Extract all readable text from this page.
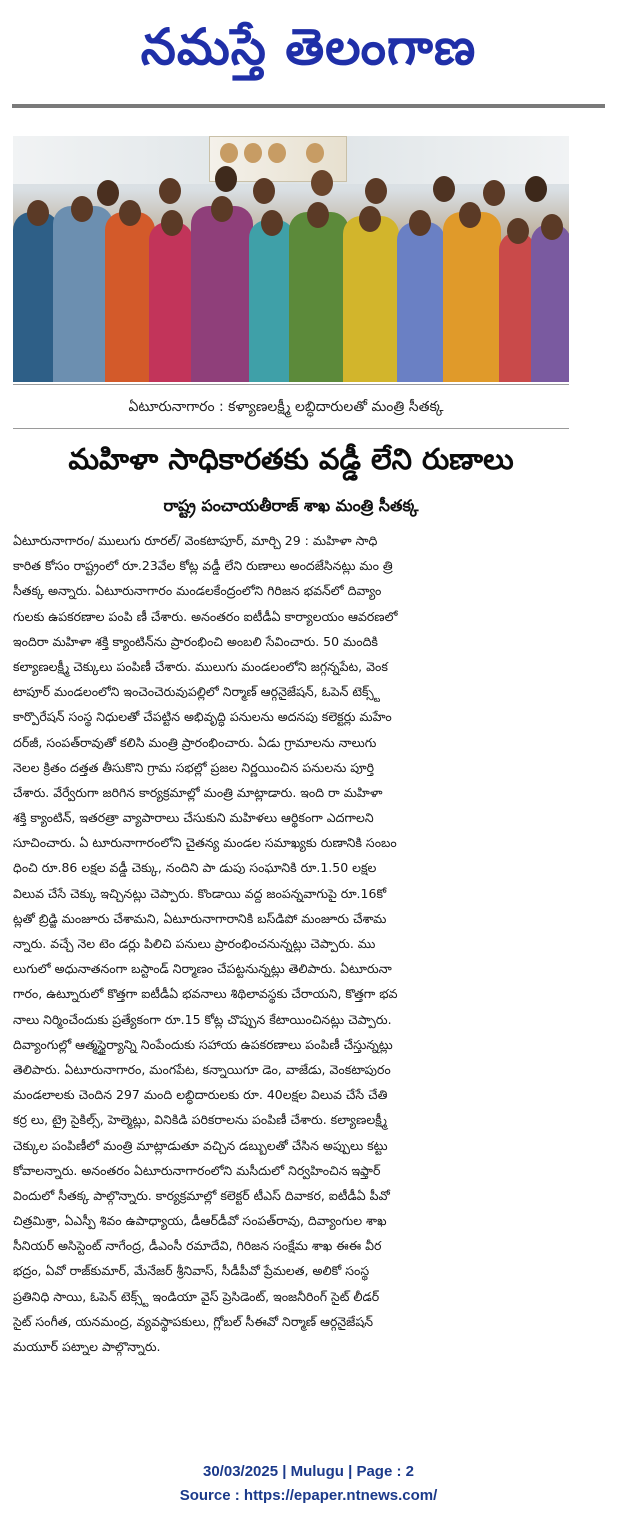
నమస్తే తెలంగాణ
ఏటూరునాగారం : కళ్యాణలక్ష్మీ లబ్ధిదారులతో మంత్రి సీతక్క
మహిళా సాధికారతకు వడ్డీ లేని రుణాలు
రాష్ట్ర పంచాయతీరాజ్ శాఖ మంత్రి సీతక్క
ఏటూరునాగారం/ ములుగు రూరల్/ వెంకటాపూర్, మార్చి 29 : మహిళా సాధి
కారిత కోసం రాష్ట్రంలో రూ.23వేల కోట్ల వడ్డీ లేని రుణాలు అందజేసినట్లు మం త్రి
సీతక్క అన్నారు. ఏటూరునాగారం మండలకేంద్రంలోని గిరిజన భవన్‌లో దివ్యాం
గులకు ఉపకరణాల పంపి ణీ చేశారు. అనంతరం ఐటీడీఏ కార్యాలయం ఆవరణలో
ఇందిరా మహిళా శక్తి క్యాంటిన్‌ను ప్రారంభించి అంబలి సేవించారు. 50 మందికి
కల్యాణలక్ష్మీ చెక్కులు పంపిణీ చేశారు. ములుగు మండలంలోని జగ్గన్నపేట, వెంక
టాపూర్ మండలంలోని ఇంచెంచెరువుపల్లిలో నిర్మాణ్ ఆర్గనైజేషన్, ఓపెన్ టెక్స్ట్
కార్పొరేషన్ సంస్థ నిధులతో చేపట్టిన అభివృద్ధి పనులను అదనపు కలెక్టర్లు మహేం
దర్‌జీ, సంపత్‌రావుతో కలిసి మంత్రి ప్రారంభించారు. ఏడు గ్రామాలను నాలుగు
నెలల క్రితం దత్తత తీసుకొని గ్రామ సభల్లో ప్రజల నిర్ణయించిన పనులను పూర్తి
చేశారు. వేర్వేరుగా జరిగిన కార్యక్రమాల్లో మంత్రి మాట్లాడారు. ఇంది రా మహిళా
శక్తి క్యాంటిన్, ఇతరత్రా వ్యాపారాలు చేసుకుని మహిళలు ఆర్థికంగా ఎదగాలని
సూచించారు. ఏ టూరునాగారంలోని చైతన్య మండల సమాఖ్యకు రుణానికి సంబం
ధించి రూ.86 లక్షల వడ్డీ చెక్కు, నందిని పా డుపు సంఘానికి రూ.1.50 లక్షల
విలువ చేసే చెక్కు ఇచ్చినట్లు చెప్పారు. కొండాయి వద్ద జంపన్నవాగుపై రూ.16కో
ట్లతో బ్రిడ్జి మంజూరు చేశామని, ఏటూరునాగారానికి బస్‌డిపో మంజూరు చేశామ
న్నారు. వచ్చే నెల టెం డర్లు పిలిచి పనులు ప్రారంభించనున్నట్లు చెప్పారు. ము
లుగులో అధునాతనంగా బస్టాండ్ నిర్మాణం చేపట్టనున్నట్లు తెలిపారు. ఏటూరునా
గారం, ఉట్నూరులో కొత్తగా ఐటీడీఏ భవనాలు శిథిలావస్థకు చేరాయని, కొత్తగా భవ
నాలు నిర్మించేందుకు ప్రత్యేకంగా రూ.15 కోట్ల చొప్పున కేటాయించినట్లు చెప్పారు.
దివ్యాంగుల్లో ఆత్మస్థైర్యాన్ని నింపేందుకు సహాయ ఉపకరణాలు పంపిణీ చేస్తున్నట్లు
తెలిపారు. ఏటూరునాగారం, మంగపేట, కన్నాయిగూ డెం, వాజేడు, వెంకటాపురం
మండలాలకు చెందిన 297 మంది లబ్ధిదారులకు రూ. 40లక్షల విలువ చేసే చేతి
కర్ర లు, ట్రై సైకిల్స్, హెల్మెట్లు, వినికిడి పరికరాలను పంపిణీ చేశారు. కల్యాణలక్ష్మీ
చెక్కుల పంపిణీలో మంత్రి మాట్లాడుతూ వచ్చిన డబ్బులతో చేసిన అప్పులు కట్టు
కోవాలన్నారు. అనంతరం ఏటూరునాగారంలోని మసీదులో నిర్వహించిన ఇఫ్తార్
విందులో సీతక్క పాల్గొన్నారు. కార్యక్రమాల్లో కలెక్టర్ టీఎస్ దివాకర, ఐటీడీఏ పీవో
చిత్రమిశ్రా, ఏఎస్పీ శివం ఉపాధ్యాయ, డీఆర్‌డీవో సంపత్‌రావు, దివ్యాంగుల శాఖ
సీనియర్ అసిస్టెంట్ నాగేంద్ర, డీఎంసీ రమాదేవి, గిరిజన సంక్షేమ శాఖ ఈఈ వీర
భద్రం, ఏవో రాజ్‌కుమార్, మేనేజర్ శ్రీనివాస్, సీడీపీవో ప్రేమలత, అలికో సంస్థ
ప్రతినిధి సాయి, ఓపెన్ టెక్స్ట్ ఇండియా వైస్ ప్రెసిడెంట్, ఇంజనీరింగ్ సైట్ లీడర్
సైట్ సంగీత, యనమంద్ర, వ్యవస్థాపకులు, గ్లోబల్ సీఈవో నిర్మాణ్ ఆర్గనైజేషన్
మయూర్ పట్నాల పాల్గొన్నారు.
30/03/2025 | Mulugu | Page : 2
Source : https://epaper.ntnews.com/
